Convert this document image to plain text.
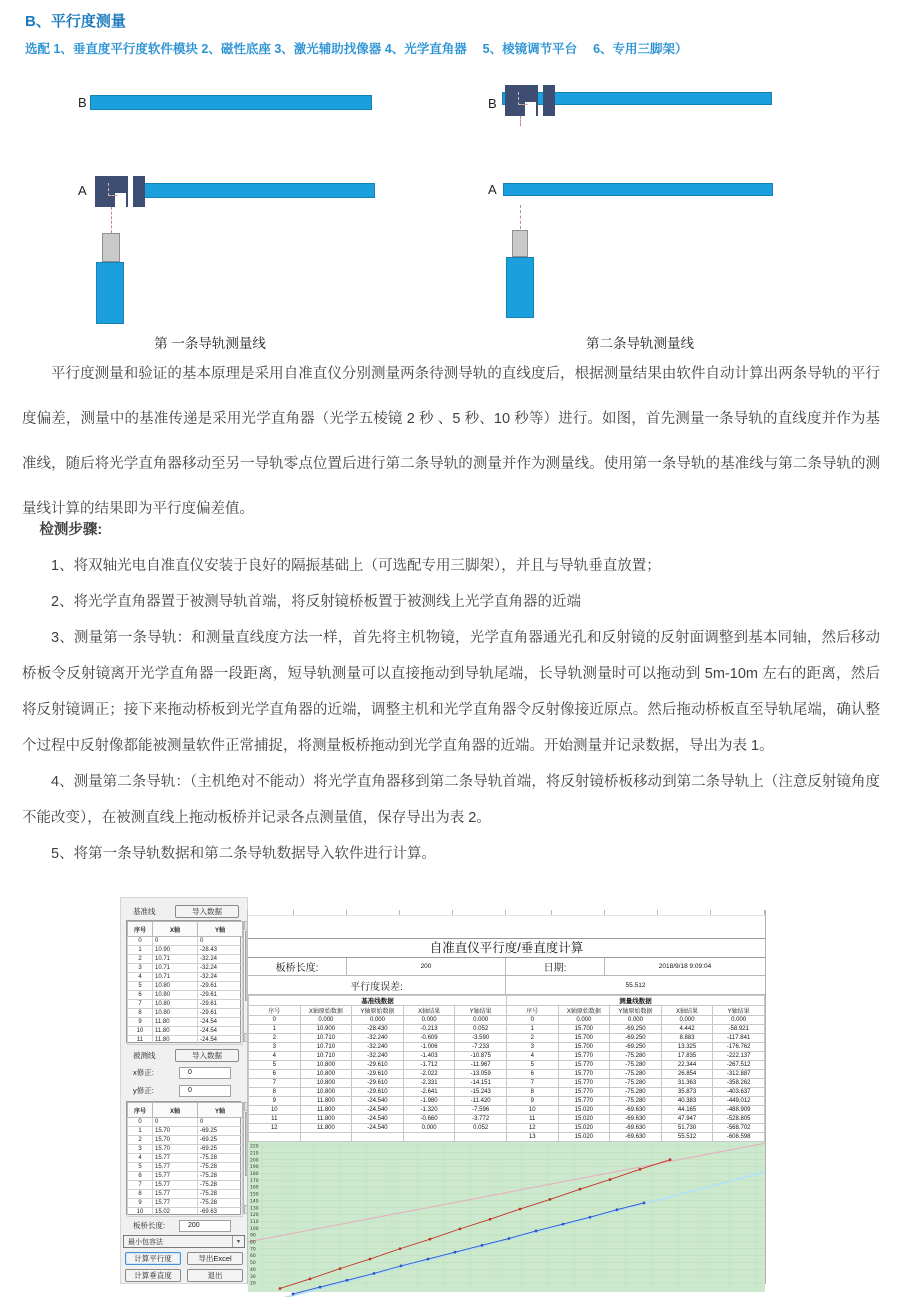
B、平行度测量
选配 1、垂直度平行度软件模块 2、磁性底座 3、激光辅助找像器 4、光学直角器　 5、棱镜调节平台　 6、专用三脚架）
B
A
第 一条导轨测量线
B
A
第二条导轨测量线
平行度测量和验证的基本原理是采用自准直仪分别测量两条待测导轨的直线度后，根据测量结果由软件自动计算出两条导轨的平行度偏差，测量中的基准传递是采用光学直角器（光学五棱镜 2 秒 、5 秒、10 秒等）进行。如图，首先测量一条导轨的直线度并作为基准线，随后将光学直角器移动至另一导轨零点位置后进行第二条导轨的测量并作为测量线。使用第一条导轨的基准线与第二条导轨的测量线计算的结果即为平行度偏差值。

检测步骤:

1、将双轴光电自准直仪安装于良好的隔振基础上（可选配专用三脚架），并且与导轨垂直放置；

2、将光学直角器置于被测导轨首端，将反射镜桥板置于被测线上光学直角器的近端

3、测量第一条导轨：和测量直线度方法一样，首先将主机物镜，光学直角器通光孔和反射镜的反射面调整到基本同轴，然后移动桥板令反射镜离开光学直角器一段距离，短导轨测量可以直接拖动到导轨尾端，长导轨测量时可以拖动到 5m-10m 左右的距离，然后将反射镜调正；接下来拖动桥板到光学直角器的近端，调整主机和光学直角器令反射像接近原点。然后拖动桥板直至导轨尾端，确认整个过程中反射像都能被测量软件正常捕捉，将测量板桥拖动到光学直角器的近端。开始测量并记录数据，导出为表 1。

4、测量第二条导轨：（主机绝对不能动）将光学直角器移到第二条导轨首端，将反射镜桥板移动到第二条导轨上（注意反射镜角度不能改变），在被测直线上拖动板桥并记录各点测量值，保存导出为表 2。

5、将第一条导轨数据和第二条导轨数据导入软件进行计算。

基准线	导入数据
序号	X轴	Y轴
0	0	0
1	10.90	-28.43
2	10.71	-32.24
3	10.71	-32.24
4	10.71	-32.24
5	10.80	-29.61
6	10.80	-29.61
7	10.80	-29.61
8	10.80	-29.61
9	11.80	-24.54
10	11.80	-24.54
11	11.80	-24.54
被测线	导入数据
x修正:	0
y修正:	0
序号	X轴	Y轴
0	0	0
1	15.70	-69.25
2	15.70	-69.25
3	15.70	-69.25
4	15.77	-75.28
5	15.77	-75.28
6	15.77	-75.28
7	15.77	-75.28
8	15.77	-75.28
9	15.77	-75.28
10	15.02	-69.63
板桥长度:	200
最小包容法	▼
计算平行度	导出Excel
计算垂直度	退出
自准直仪平行度/垂直度计算
板桥长度:	200	日期:	2018/9/18 9:09:04
平行度误差:	55.512
基准线数据					测量线数据				
序号	X轴原始数据	Y轴原始数据	X轴结果	Y轴结果	序号	X轴原始数据	Y轴原始数据	X轴结果	Y轴结果
0	0.000	0.000	0.000	0.000	0	0.000	0.000	0.000	0.000
1	10.900	-28.430	-0.213	0.052	1	15.700	-69.250	4.442	-58.921
2	10.710	-32.240	-0.609	-3.590	2	15.700	-69.250	8.883	-117.841
3	10.710	-32.240	-1.006	-7.233	3	15.700	-69.250	13.325	-176.762
4	10.710	-32.240	-1.403	-10.875	4	15.770	-75.280	17.835	-222.137
5	10.800	-29.610	-1.712	-11.967	5	15.770	-75.280	22.344	-267.512
6	10.800	-29.610	-2.022	-13.059	6	15.770	-75.280	26.854	-312.887
7	10.800	-29.610	-2.331	-14.151	7	15.770	-75.280	31.363	-358.262
8	10.800	-29.610	-2.641	-15.243	8	15.770	-75.280	35.873	-403.637
9	11.800	-24.540	-1.980	-11.420	9	15.770	-75.280	40.383	-449.012
10	11.800	-24.540	-1.320	-7.596	10	15.020	-69.630	44.165	-488.909
11	11.800	-24.540	-0.660	-3.772	11	15.020	-69.630	47.947	-528.805
12	11.800	-24.540	0.000	0.052	12	15.020	-69.630	51.730	-568.702
					13	15.020	-69.630	55.512	-608.598
220
210
200
190
180
170
160
150
140
130
120
110
100
90
80
70
60
50
40
30
20
